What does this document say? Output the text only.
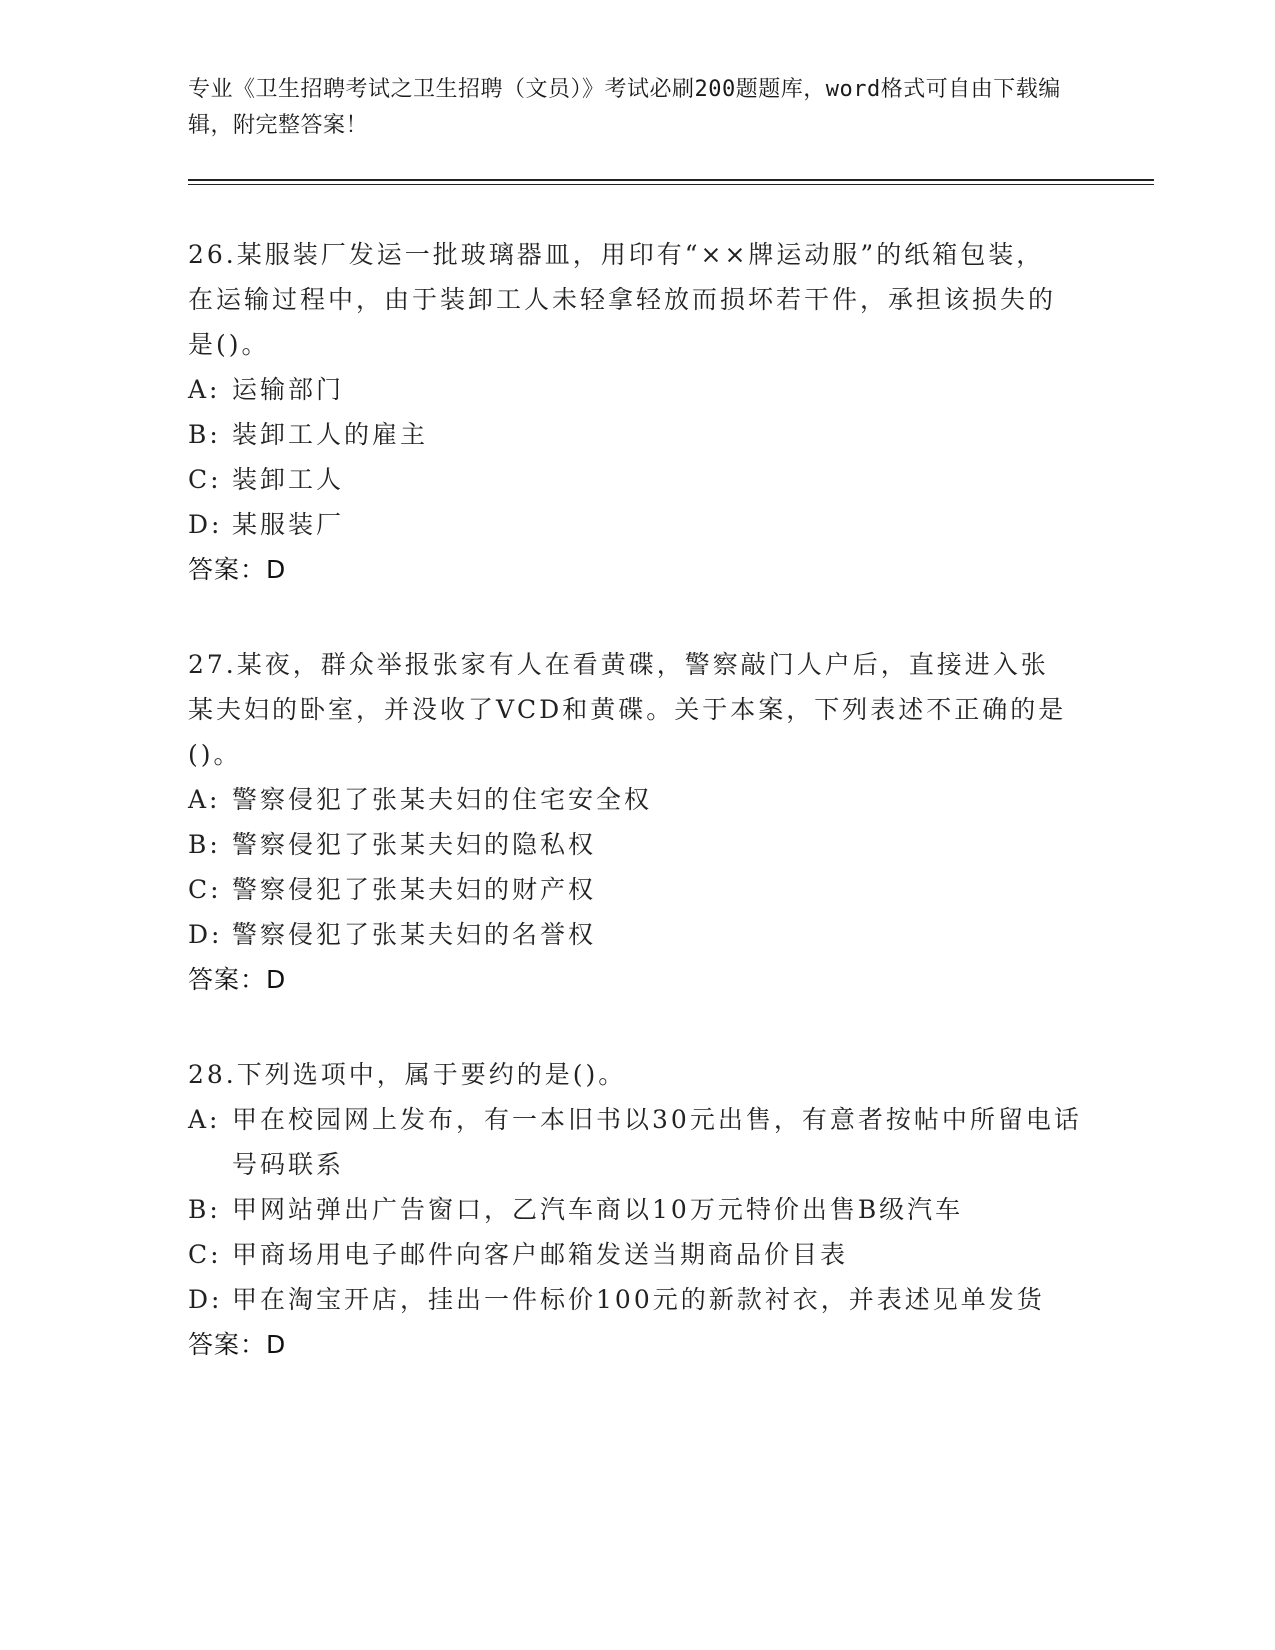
专业《卫生招聘考试之卫生招聘（文员）》考试必刷200题题库，word格式可自由下载编辑，附完整答案！

26.某服装厂发运一批玻璃器皿，用印有“××牌运动服”的纸箱包装，在运输过程中，由于装卸工人未轻拿轻放而损坏若干件，承担该损失的是()。

A: 运输部门
B: 装卸工人的雇主
C: 装卸工人
D: 某服装厂

答案：D

27.某夜，群众举报张家有人在看黄碟，警察敲门人户后，直接进入张某夫妇的卧室，并没收了VCD和黄碟。关于本案，下列表述不正确的是()。

A: 警察侵犯了张某夫妇的住宅安全权
B: 警察侵犯了张某夫妇的隐私权
C: 警察侵犯了张某夫妇的财产权
D: 警察侵犯了张某夫妇的名誉权

答案：D

28.下列选项中，属于要约的是()。

A: 甲在校园网上发布，有一本旧书以30元出售，有意者按帖中所留电话号码联系
B: 甲网站弹出广告窗口，乙汽车商以10万元特价出售B级汽车
C: 甲商场用电子邮件向客户邮箱发送当期商品价目表
D: 甲在淘宝开店，挂出一件标价100元的新款衬衣，并表述见单发货

答案：D
